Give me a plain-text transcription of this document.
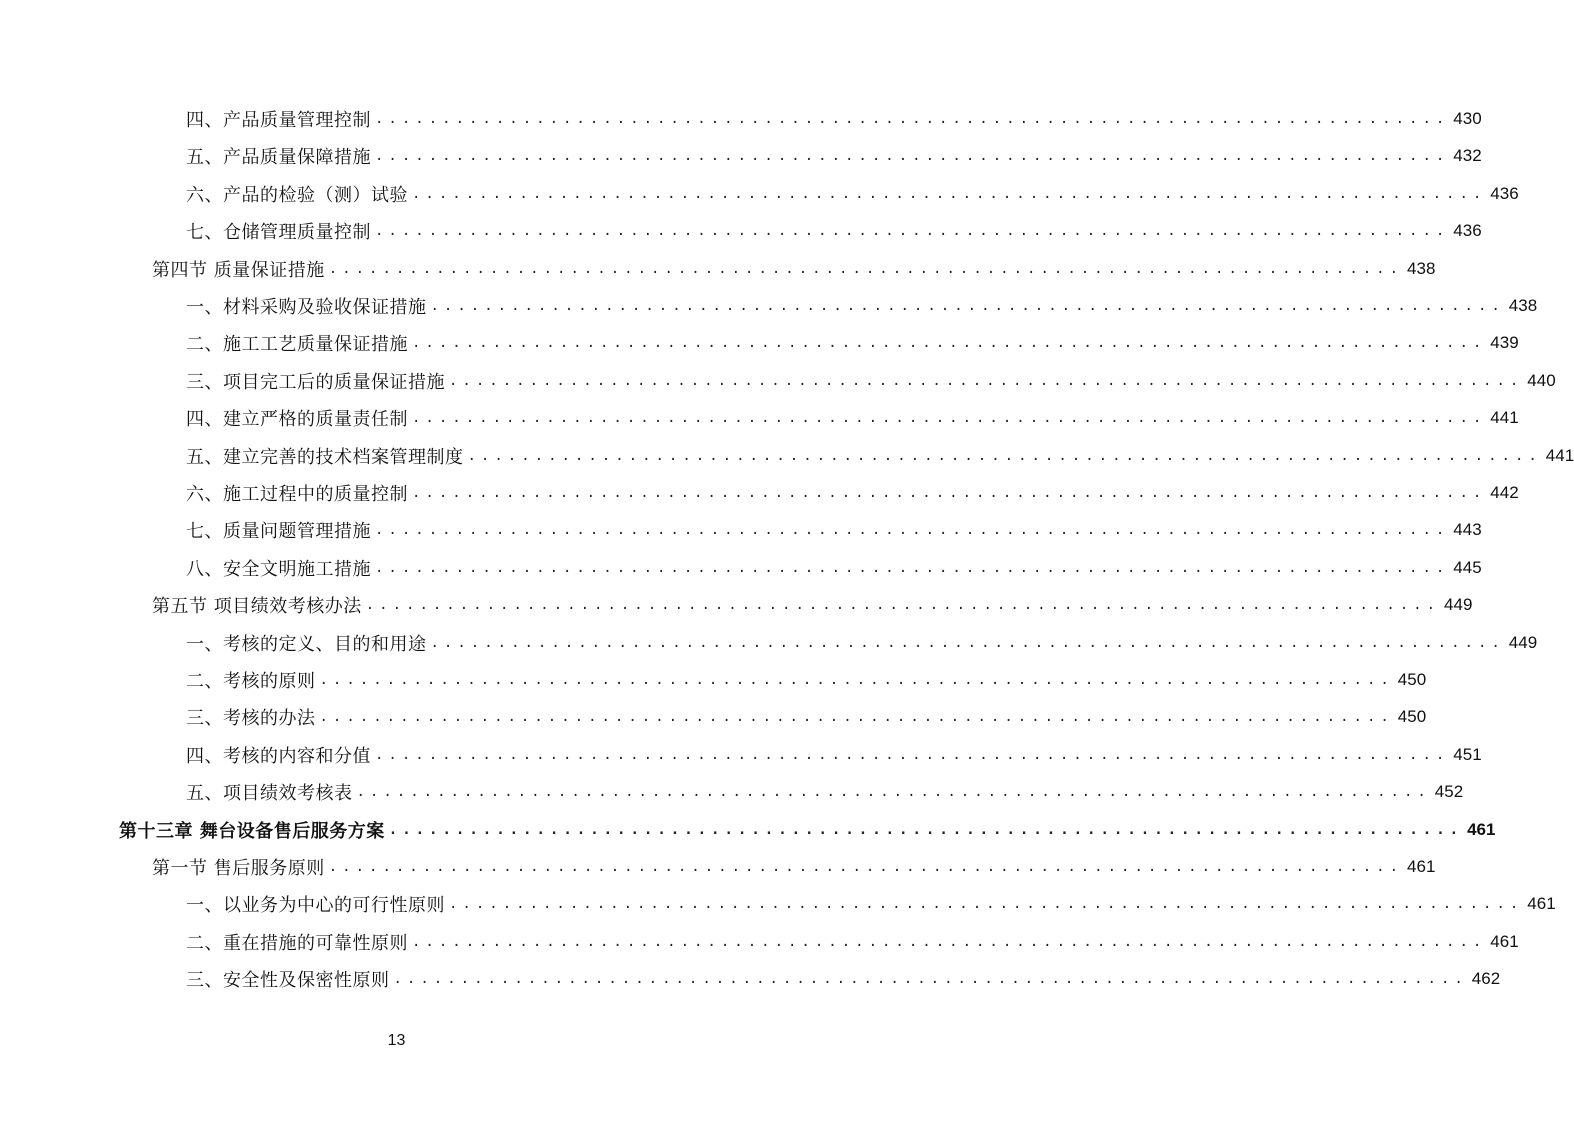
四、产品质量管理控制 ................................................................................ 430
五、产品质量保障措施 ................................................................................ 432
六、产品的检验（测）试验 ................................................................................ 436
七、仓储管理质量控制 ................................................................................ 436
第四节 质量保证措施 ................................................................................ 438
一、材料采购及验收保证措施 ................................................................................ 438
二、施工工艺质量保证措施 ................................................................................ 439
三、项目完工后的质量保证措施 ................................................................................ 440
四、建立严格的质量责任制 ................................................................................ 441
五、建立完善的技术档案管理制度 ................................................................................ 441
六、施工过程中的质量控制 ................................................................................ 442
七、质量问题管理措施 ................................................................................ 443
八、安全文明施工措施 ................................................................................ 445
第五节 项目绩效考核办法 ................................................................................ 449
一、考核的定义、目的和用途 ................................................................................ 449
二、考核的原则 ................................................................................ 450
三、考核的办法 ................................................................................ 450
四、考核的内容和分值 ................................................................................ 451
五、项目绩效考核表 ................................................................................ 452
第十三章 舞台设备售后服务方案 ................................................................................ 461
第一节 售后服务原则 ................................................................................ 461
一、以业务为中心的可行性原则 ................................................................................ 461
二、重在措施的可靠性原则 ................................................................................ 461
三、安全性及保密性原则 ................................................................................ 462
13
